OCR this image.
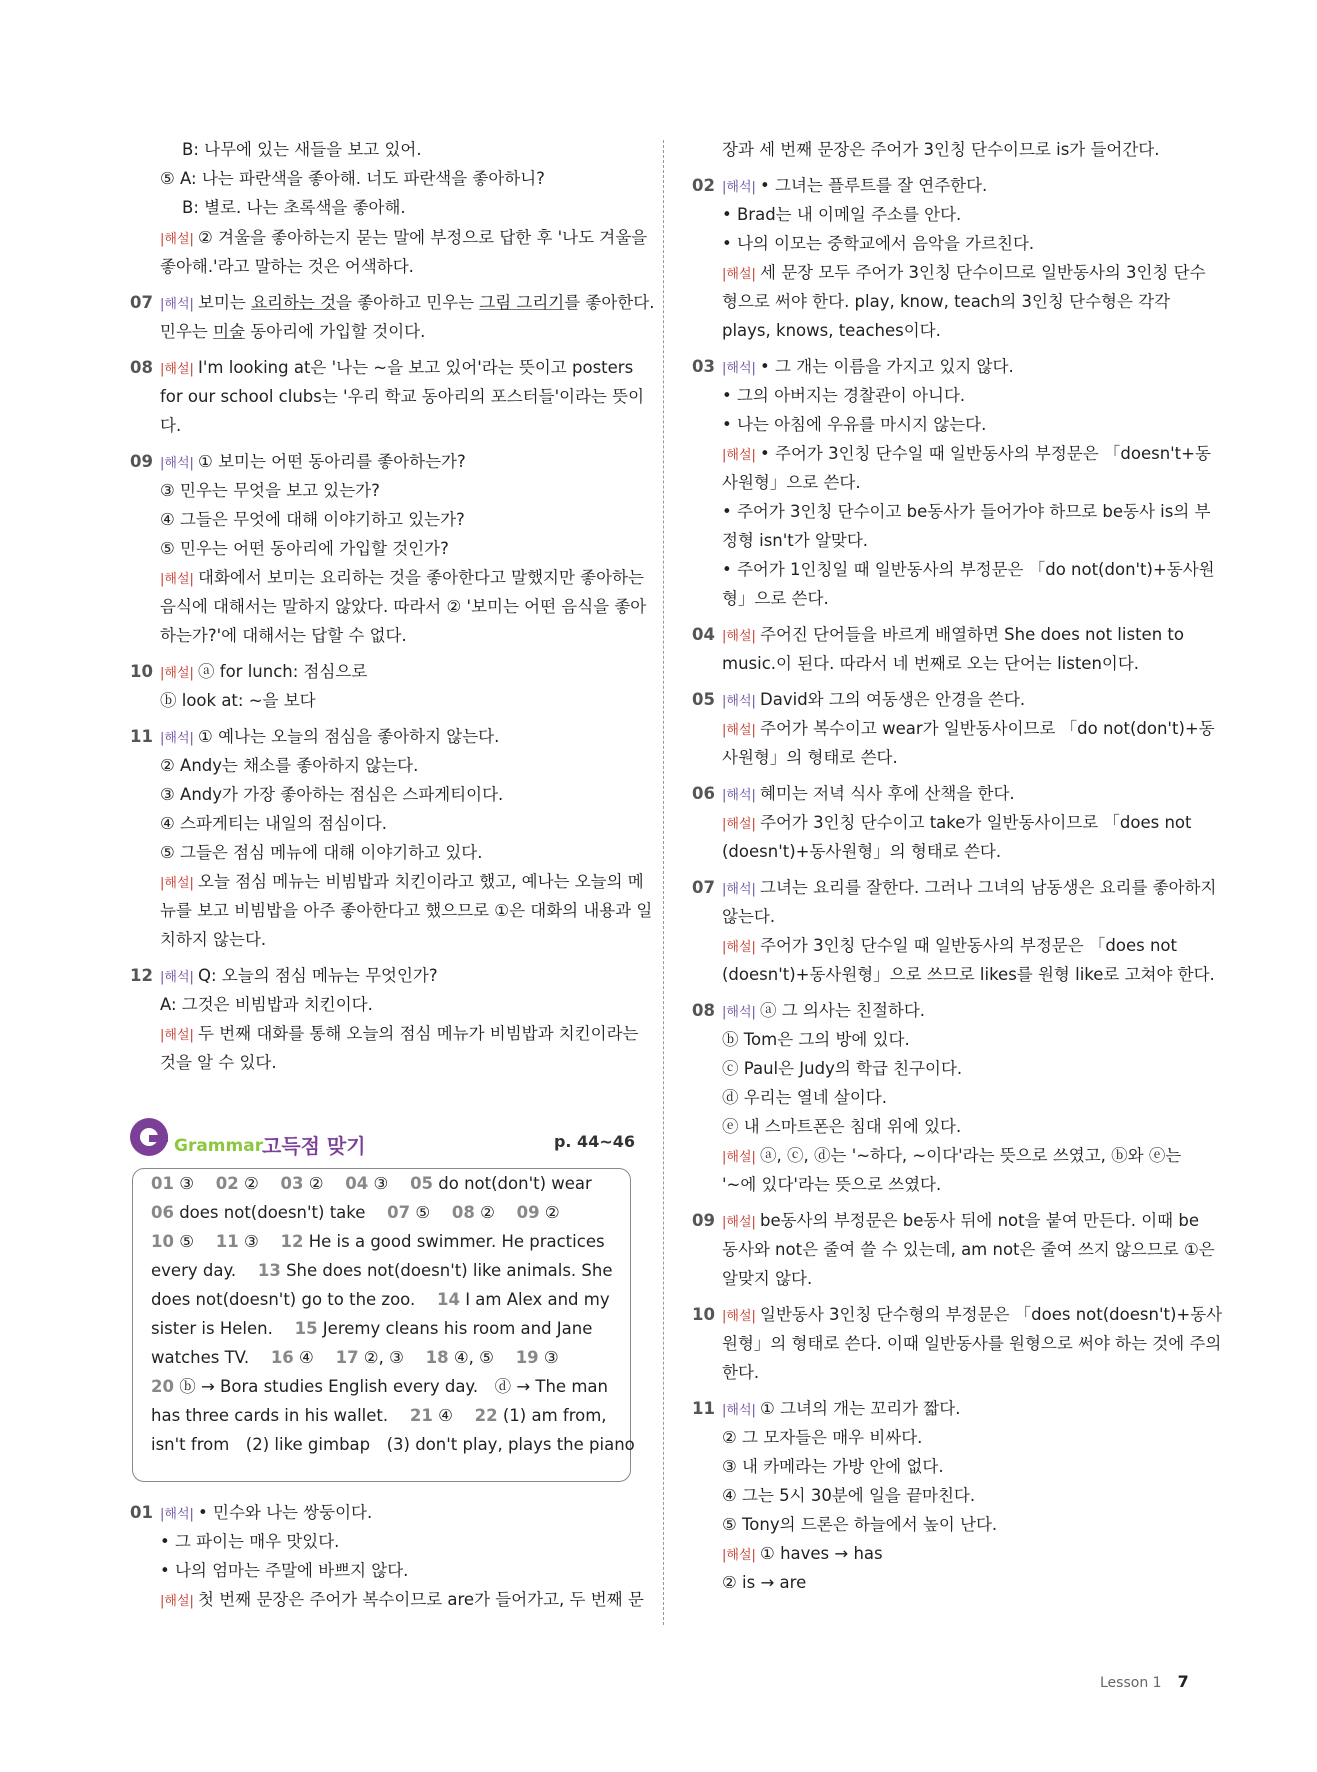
Grammar
고득점 맞기	p. 44~46
01 ③　 02 ②　 03 ②　 04 ③　 05 do not(don't) wear
06 does not(doesn't) take　 07 ⑤　 08 ②　 09 ②
10 ⑤　 11 ③　 12 He is a good swimmer. He practices
every day.　 13 She does not(doesn't) like animals. She
does not(doesn't) go to the zoo.　 14 I am Alex and my
sister is Helen.　 15 Jeremy cleans his room and Jane
watches TV.　 16 ④　 17 ②, ③　 18 ④, ⑤　 19 ③
20 ⓑ → Bora studies English every day.　ⓓ → The man
has three cards in his wallet.　 21 ④　 22 (1) am from,
isn't from　(2) like gimbap　(3) don't play, plays the piano
B: 나무에 있는 새들을 보고 있어.
⑤ A: 나는 파란색을 좋아해. 너도 파란색을 좋아하니?
B: 별로. 나는 초록색을 좋아해.
|해설| ② 겨울을 좋아하는지 묻는 말에 부정으로 답한 후 '나도 겨울을
좋아해.'라고 말하는 것은 어색하다.
07 |해석| 보미는 요리하는 것을 좋아하고 민우는 그림 그리기를 좋아한다.
민우는 미술 동아리에 가입할 것이다.
08 |해설| I'm looking at은 '나는 ~을 보고 있어'라는 뜻이고 posters
for our school clubs는 '우리 학교 동아리의 포스터들'이라는 뜻이
다.
09 |해석| ① 보미는 어떤 동아리를 좋아하는가?
③ 민우는 무엇을 보고 있는가?
④ 그들은 무엇에 대해 이야기하고 있는가?
⑤ 민우는 어떤 동아리에 가입할 것인가?
|해설| 대화에서 보미는 요리하는 것을 좋아한다고 말했지만 좋아하는
음식에 대해서는 말하지 않았다. 따라서 ② '보미는 어떤 음식을 좋아
하는가?'에 대해서는 답할 수 없다.
10 |해설| ⓐ for lunch: 점심으로
ⓑ look at: ~을 보다
11 |해석| ① 예나는 오늘의 점심을 좋아하지 않는다.
② Andy는 채소를 좋아하지 않는다.
③ Andy가 가장 좋아하는 점심은 스파게티이다.
④ 스파게티는 내일의 점심이다.
⑤ 그들은 점심 메뉴에 대해 이야기하고 있다.
|해설| 오늘 점심 메뉴는 비빔밥과 치킨이라고 했고, 예나는 오늘의 메
뉴를 보고 비빔밥을 아주 좋아한다고 했으므로 ①은 대화의 내용과 일
치하지 않는다.
12 |해석| Q: 오늘의 점심 메뉴는 무엇인가?
A: 그것은 비빔밥과 치킨이다.
|해설| 두 번째 대화를 통해 오늘의 점심 메뉴가 비빔밥과 치킨이라는
것을 알 수 있다.
01 |해석| • 민수와 나는 쌍둥이다.
• 그 파이는 매우 맛있다.
• 나의 엄마는 주말에 바쁘지 않다.
|해설| 첫 번째 문장은 주어가 복수이므로 are가 들어가고, 두 번째 문
장과 세 번째 문장은 주어가 3인칭 단수이므로 is가 들어간다.
02 |해석| • 그녀는 플루트를 잘 연주한다.
• Brad는 내 이메일 주소를 안다.
• 나의 이모는 중학교에서 음악을 가르친다.
|해설| 세 문장 모두 주어가 3인칭 단수이므로 일반동사의 3인칭 단수
형으로 써야 한다. play, know, teach의 3인칭 단수형은 각각
plays, knows, teaches이다.
03 |해석| • 그 개는 이름을 가지고 있지 않다.
• 그의 아버지는 경찰관이 아니다.
• 나는 아침에 우유를 마시지 않는다.
|해설| • 주어가 3인칭 단수일 때 일반동사의 부정문은 「doesn't+동
사원형」으로 쓴다.
• 주어가 3인칭 단수이고 be동사가 들어가야 하므로 be동사 is의 부
정형 isn't가 알맞다.
• 주어가 1인칭일 때 일반동사의 부정문은 「do not(don't)+동사원
형」으로 쓴다.
04 |해설| 주어진 단어들을 바르게 배열하면 She does not listen to
music.이 된다. 따라서 네 번째로 오는 단어는 listen이다.
05 |해석| David와 그의 여동생은 안경을 쓴다.
|해설| 주어가 복수이고 wear가 일반동사이므로 「do not(don't)+동
사원형」의 형태로 쓴다.
06 |해석| 혜미는 저녁 식사 후에 산책을 한다.
|해설| 주어가 3인칭 단수이고 take가 일반동사이므로 「does not
(doesn't)+동사원형」의 형태로 쓴다.
07 |해석| 그녀는 요리를 잘한다. 그러나 그녀의 남동생은 요리를 좋아하지
않는다.
|해설| 주어가 3인칭 단수일 때 일반동사의 부정문은 「does not
(doesn't)+동사원형」으로 쓰므로 likes를 원형 like로 고쳐야 한다.
08 |해석| ⓐ 그 의사는 친절하다.
ⓑ Tom은 그의 방에 있다.
ⓒ Paul은 Judy의 학급 친구이다.
ⓓ 우리는 열네 살이다.
ⓔ 내 스마트폰은 침대 위에 있다.
|해설| ⓐ, ⓒ, ⓓ는 '~하다, ~이다'라는 뜻으로 쓰였고, ⓑ와 ⓔ는
'~에 있다'라는 뜻으로 쓰였다.
09 |해설| be동사의 부정문은 be동사 뒤에 not을 붙여 만든다. 이때 be
동사와 not은 줄여 쓸 수 있는데, am not은 줄여 쓰지 않으므로 ①은
알맞지 않다.
10 |해설| 일반동사 3인칭 단수형의 부정문은 「does not(doesn't)+동사
원형」의 형태로 쓴다. 이때 일반동사를 원형으로 써야 하는 것에 주의
한다.
11 |해석| ① 그녀의 개는 꼬리가 짧다.
② 그 모자들은 매우 비싸다.
③ 내 카메라는 가방 안에 없다.
④ 그는 5시 30분에 일을 끝마친다.
⑤ Tony의 드론은 하늘에서 높이 난다.
|해설| ① haves → has
② is → are
Lesson 1 7
